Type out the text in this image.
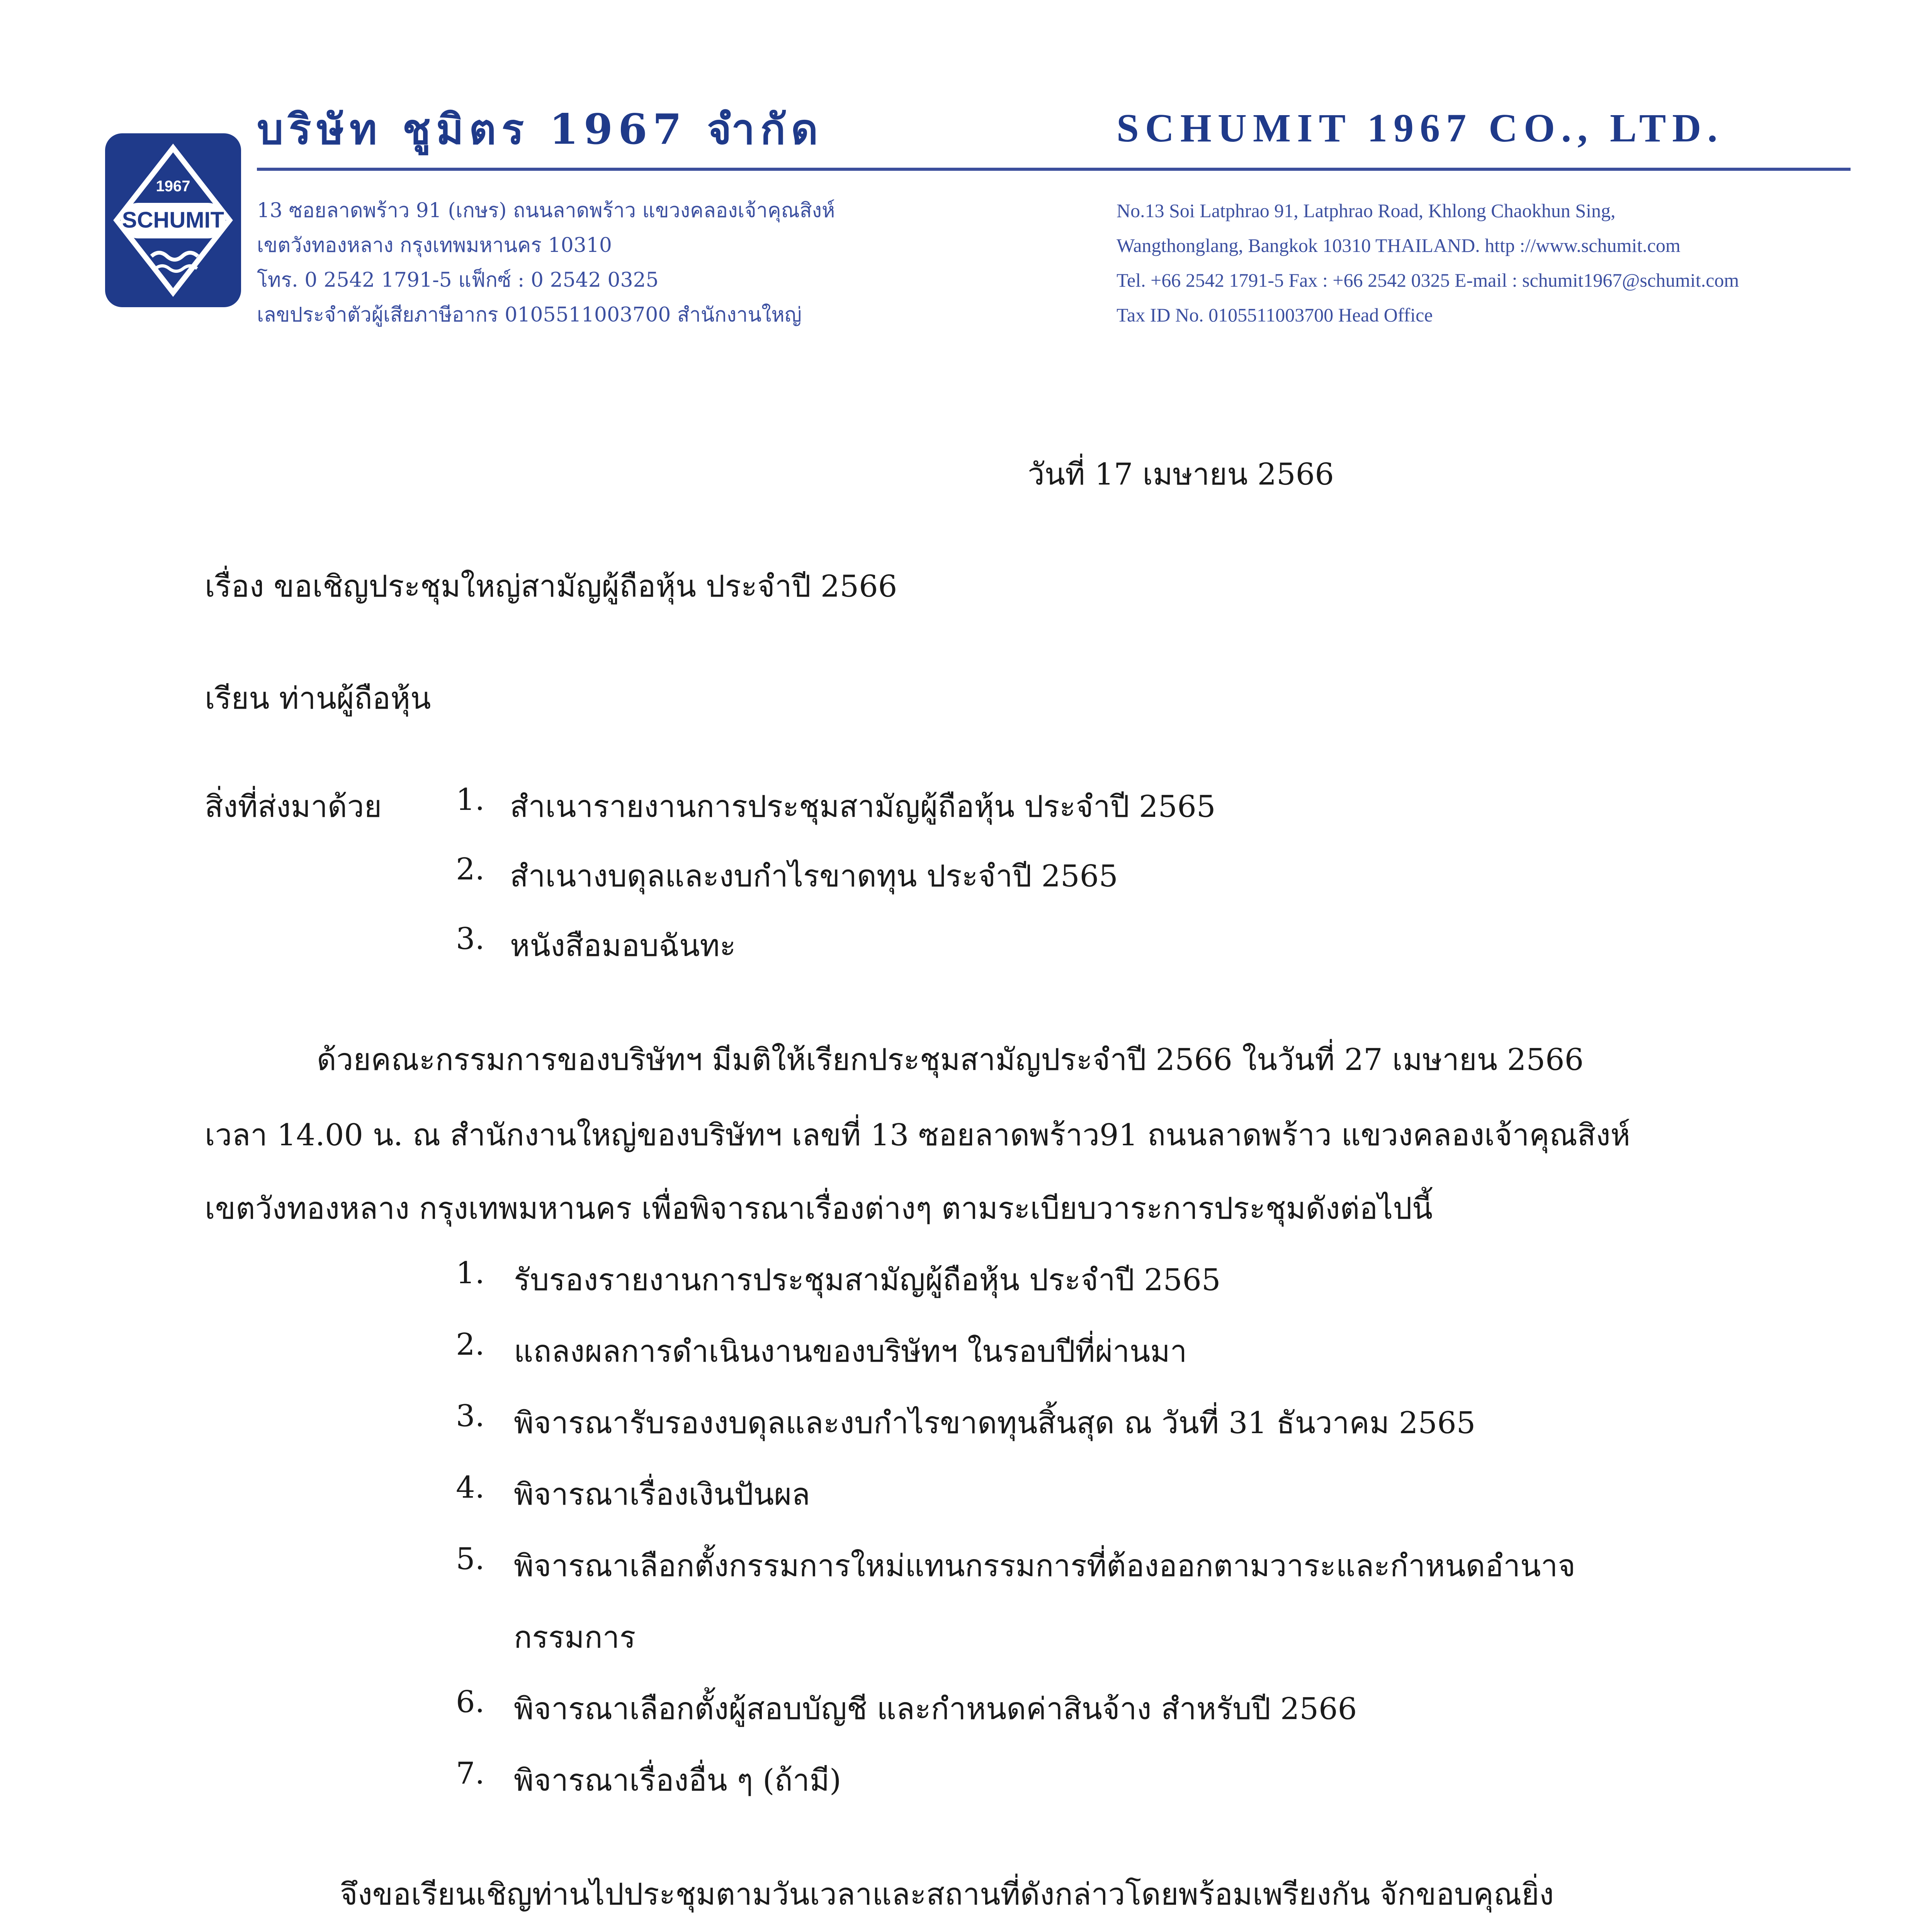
SCHUMIT
1967
บริษัท ชูมิตร 1967 จำกัด	SCHUMIT 1967 CO., LTD.
13 ซอยลาดพร้าว 91 (เกษร) ถนนลาดพร้าว แขวงคลองเจ้าคุณสิงห์
เขตวังทองหลาง กรุงเทพมหานคร 10310
โทร. 0 2542 1791-5 แฟ็กซ์ : 0 2542 0325
เลขประจำตัวผู้เสียภาษีอากร 0105511003700 สำนักงานใหญ่
No.13 Soi Latphrao 91, Latphrao Road, Khlong Chaokhun Sing,
Wangthonglang, Bangkok 10310 THAILAND. http ://www.schumit.com
Tel. +66 2542 1791-5 Fax : +66 2542 0325 E-mail : schumit1967@schumit.com
Tax ID No. 0105511003700 Head Office
วันที่ 17 เมษายน 2566
เรื่อง ขอเชิญประชุมใหญ่สามัญผู้ถือหุ้น ประจำปี 2566
เรียน ท่านผู้ถือหุ้น
สิ่งที่ส่งมาด้วย 1. สำเนารายงานการประชุมสามัญผู้ถือหุ้น ประจำปี 2565
2. สำเนางบดุลและงบกำไรขาดทุน ประจำปี 2565
3. หนังสือมอบฉันทะ
ด้วยคณะกรรมการของบริษัทฯ มีมติให้เรียกประชุมสามัญประจำปี 2566 ในวันที่ 27 เมษายน 2566
เวลา 14.00 น. ณ สำนักงานใหญ่ของบริษัทฯ เลขที่ 13 ซอยลาดพร้าว91 ถนนลาดพร้าว แขวงคลองเจ้าคุณสิงห์
เขตวังทองหลาง กรุงเทพมหานคร เพื่อพิจารณาเรื่องต่างๆ ตามระเบียบวาระการประชุมดังต่อไปนี้
1. รับรองรายงานการประชุมสามัญผู้ถือหุ้น ประจำปี 2565
2. แถลงผลการดำเนินงานของบริษัทฯ ในรอบปีที่ผ่านมา
3. พิจารณารับรองงบดุลและงบกำไรขาดทุนสิ้นสุด ณ วันที่ 31 ธันวาคม 2565
4. พิจารณาเรื่องเงินปันผล
5. พิจารณาเลือกตั้งกรรมการใหม่แทนกรรมการที่ต้องออกตามวาระและกำหนดอำนาจ
กรรมการ
6. พิจารณาเลือกตั้งผู้สอบบัญชี และกำหนดค่าสินจ้าง สำหรับปี 2566
7. พิจารณาเรื่องอื่น ๆ (ถ้ามี)
จึงขอเรียนเชิญท่านไปประชุมตามวันเวลาและสถานที่ดังกล่าวโดยพร้อมเพรียงกัน จักขอบคุณยิ่ง
